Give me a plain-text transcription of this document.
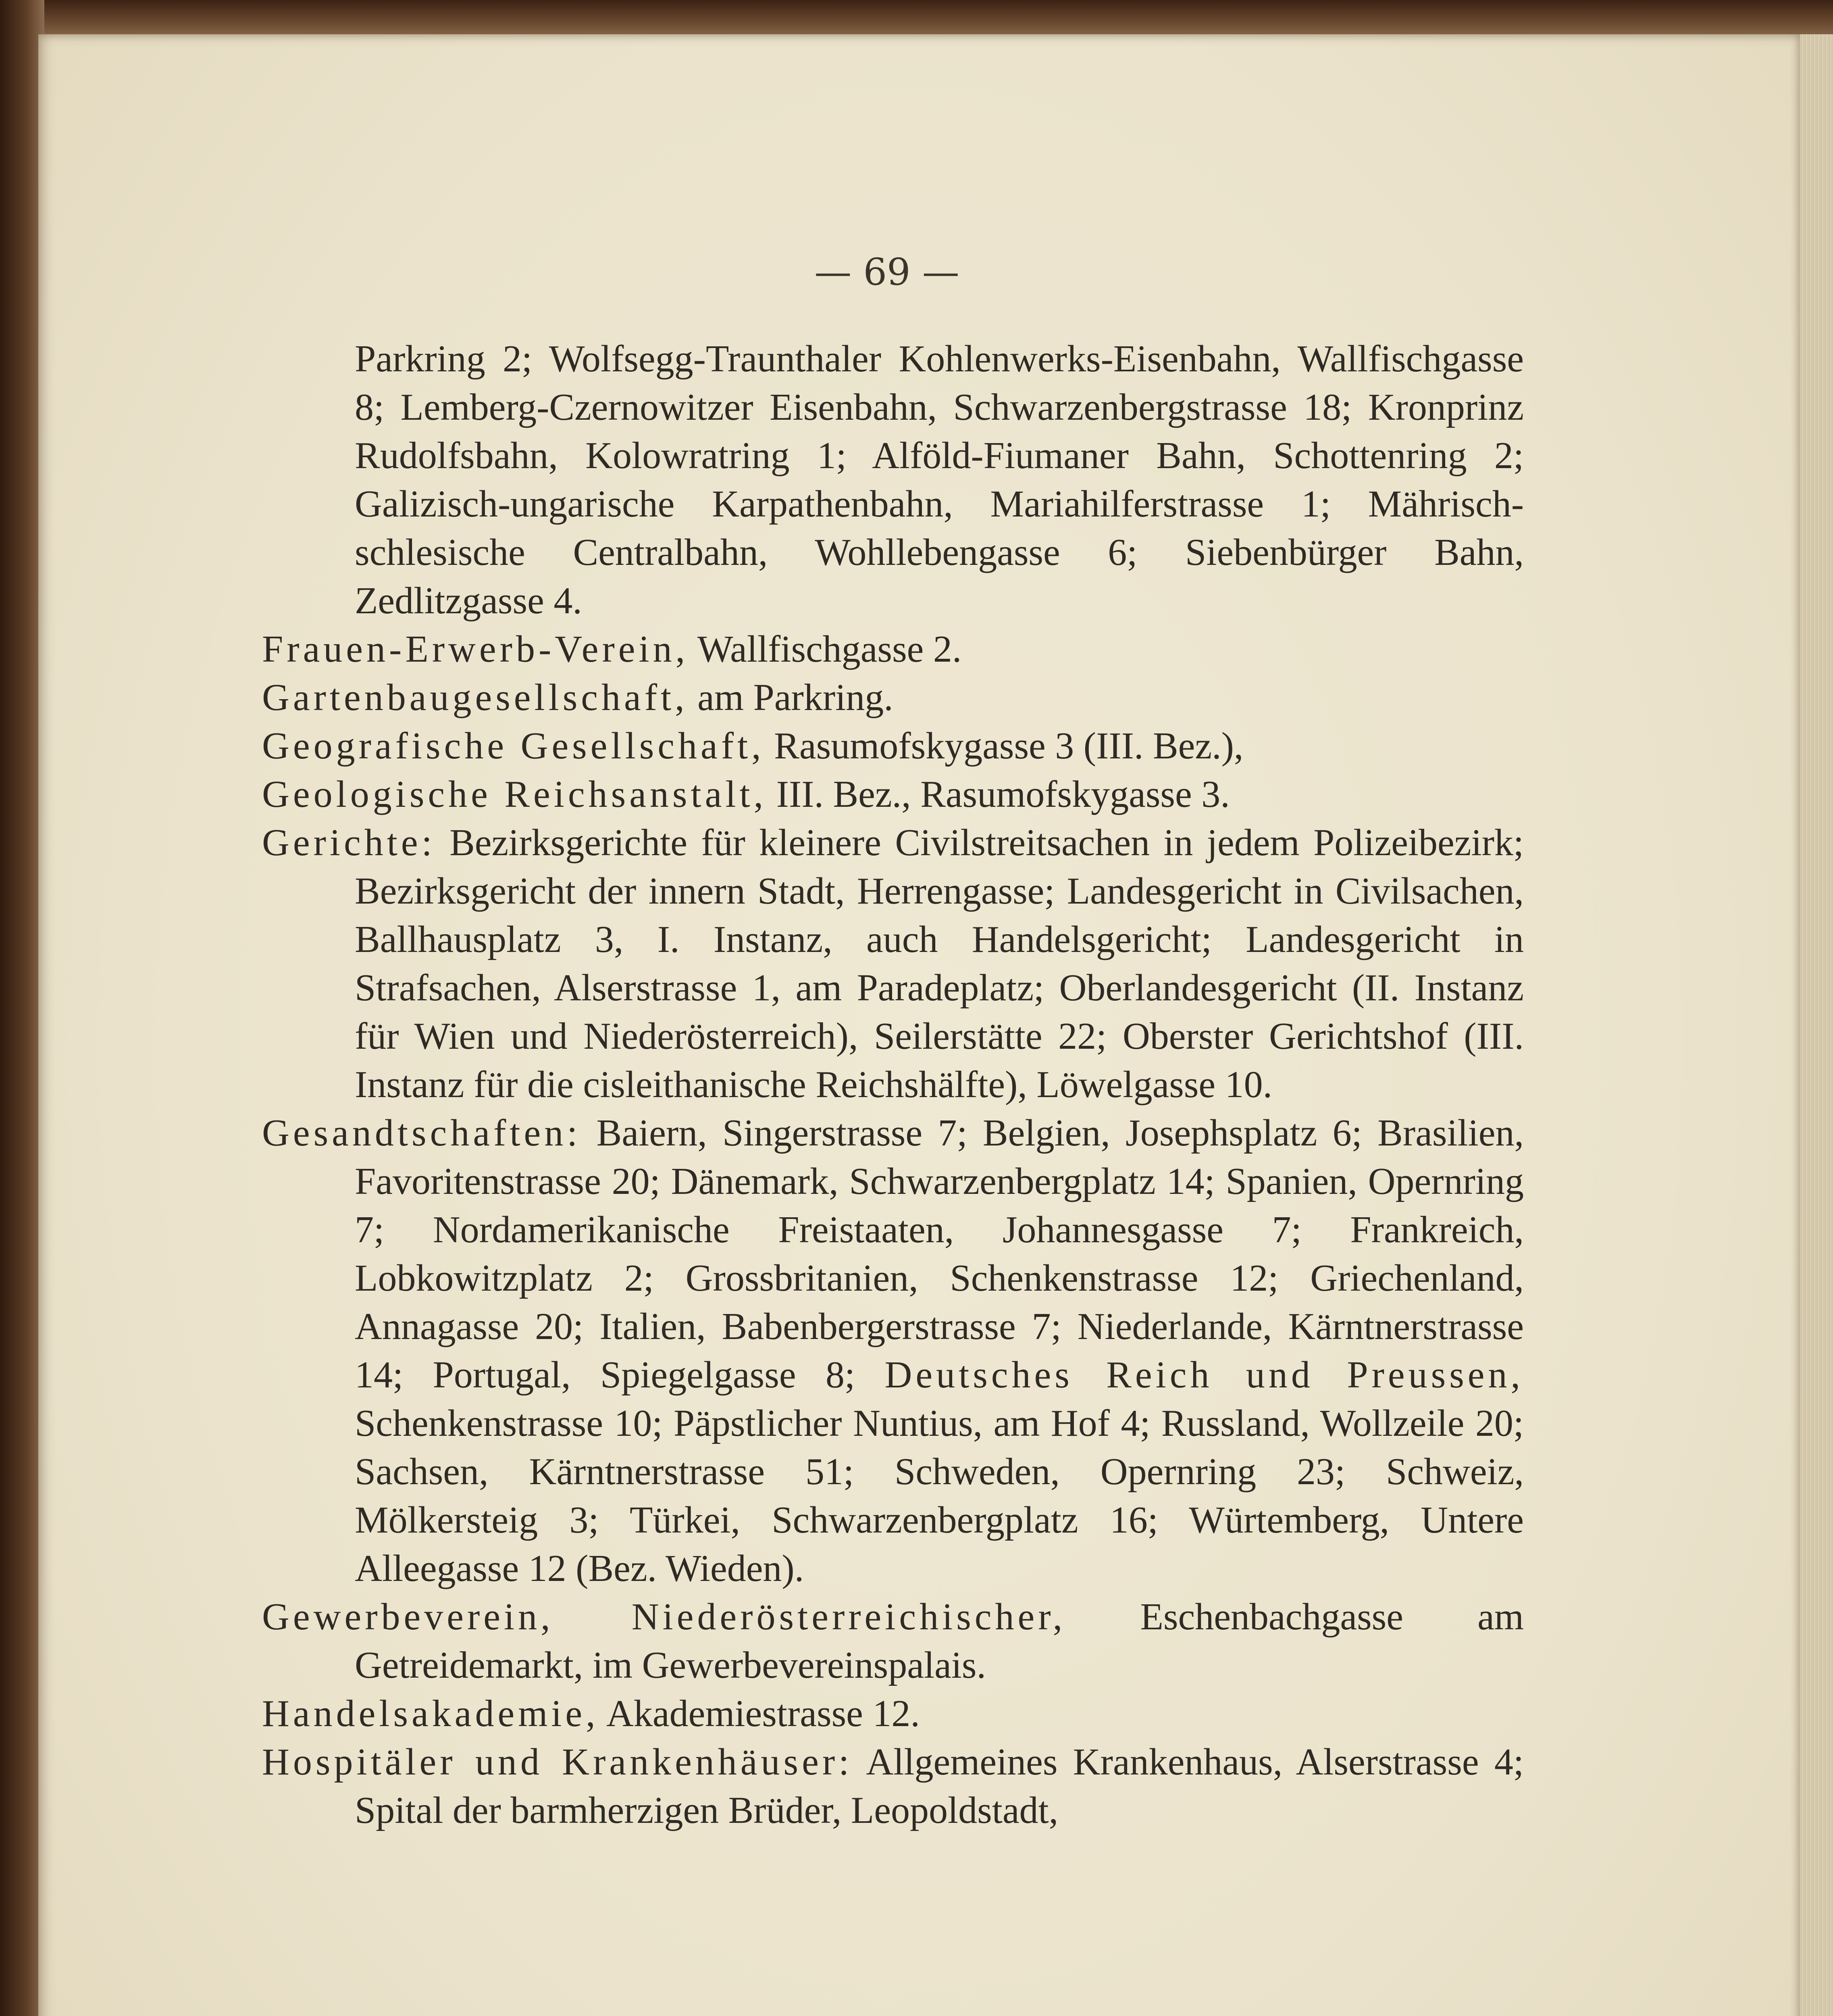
— 69 —

Parkring 2; Wolfsegg-Traunthaler Kohlenwerks-Eisenbahn, Wallfischgasse 8; Lemberg-Czernowitzer Eisenbahn, Schwarzenbergstrasse 18; Kronprinz Rudolfsbahn, Kolowratring 1; Alföld-Fiumaner Bahn, Schottenring 2; Galizisch-ungarische Karpathenbahn, Mariahilferstrasse 1; Mährisch-schlesische Centralbahn, Wohllebengasse 6; Siebenbürger Bahn, Zedlitzgasse 4.

Frauen-Erwerb-Verein, Wallfischgasse 2.

Gartenbaugesellschaft, am Parkring.

Geografische Gesellschaft, Rasumofskygasse 3 (III. Bez.),

Geologische Reichsanstalt, III. Bez., Rasumofskygasse 3.

Gerichte: Bezirksgerichte für kleinere Civilstreitsachen in jedem Polizeibezirk; Bezirksgericht der innern Stadt, Herrengasse; Landesgericht in Civilsachen, Ballhausplatz 3, I. Instanz, auch Handelsgericht; Landesgericht in Strafsachen, Alserstrasse 1, am Paradeplatz; Oberlandesgericht (II. Instanz für Wien und Niederösterreich), Seilerstätte 22; Oberster Gerichtshof (III. Instanz für die cisleithanische Reichshälfte), Löwelgasse 10.

Gesandtschaften: Baiern, Singerstrasse 7; Belgien, Josephsplatz 6; Brasilien, Favoritenstrasse 20; Dänemark, Schwarzenbergplatz 14; Spanien, Opernring 7; Nordamerikanische Freistaaten, Johannesgasse 7; Frankreich, Lobkowitzplatz 2; Grossbritanien, Schenkenstrasse 12; Griechenland, Annagasse 20; Italien, Babenbergerstrasse 7; Niederlande, Kärntnerstrasse 14; Portugal, Spiegelgasse 8; Deutsches Reich und Preussen, Schenkenstrasse 10; Päpstlicher Nuntius, am Hof 4; Russland, Wollzeile 20; Sachsen, Kärntnerstrasse 51; Schweden, Opernring 23; Schweiz, Mölkersteig 3; Türkei, Schwarzenbergplatz 16; Würtemberg, Untere Alleegasse 12 (Bez. Wieden).

Gewerbeverein, Niederösterreichischer, Eschenbachgasse am Getreidemarkt, im Gewerbevereinspalais.

Handelsakademie, Akademiestrasse 12.

Hospitäler und Krankenhäuser: Allgemeines Krankenhaus, Alserstrasse 4; Spital der barmherzigen Brüder, Leopoldstadt,
